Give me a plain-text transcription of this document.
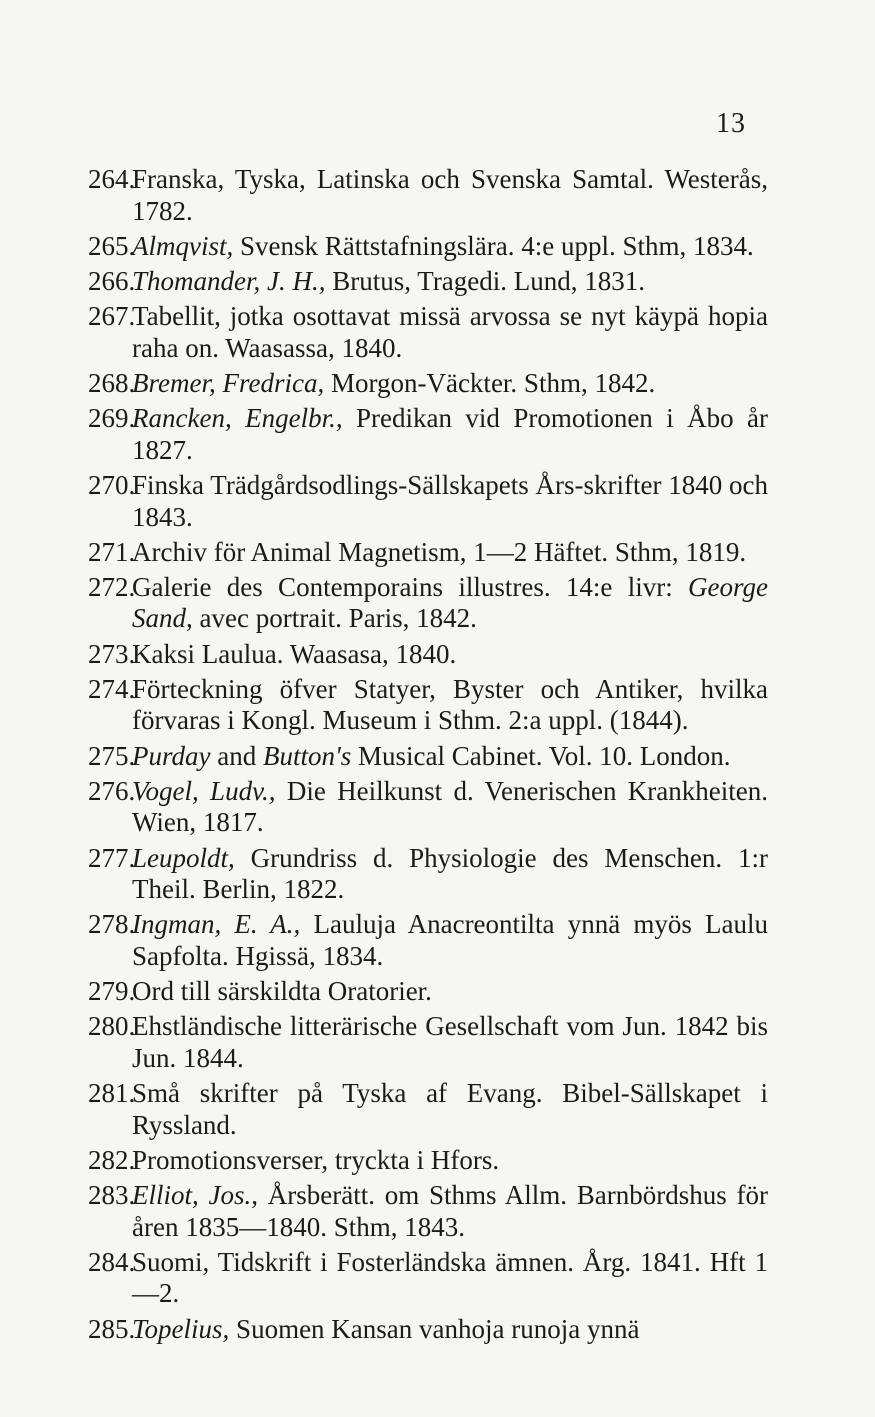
13
264.
Franska, Tyska, Latinska och Svenska Samtal. Westerås, 1782.
265.
Almqvist, Svensk Rättstafningslära. 4:e uppl. Sthm, 1834.
266.
Thomander, J. H., Brutus, Tragedi. Lund, 1831.
267.
Tabellit, jotka osottavat missä arvossa se nyt käypä hopia raha on. Waasassa, 1840.
268.
Bremer, Fredrica, Morgon-Väckter. Sthm, 1842.
269.
Rancken, Engelbr., Predikan vid Promotionen i Åbo år 1827.
270.
Finska Trädgårdsodlings-Sällskapets Års-skrifter 1840 och 1843.
271.
Archiv för Animal Magnetism, 1—2 Häftet. Sthm, 1819.
272.
Galerie des Contemporains illustres. 14:e livr: George Sand, avec portrait. Paris, 1842.
273.
Kaksi Laulua. Waasasa, 1840.
274.
Förteckning öfver Statyer, Byster och Antiker, hvilka förvaras i Kongl. Museum i Sthm. 2:a uppl. (1844).
275.
Purday and Button's Musical Cabinet. Vol. 10. London.
276.
Vogel, Ludv., Die Heilkunst d. Venerischen Krankheiten. Wien, 1817.
277.
Leupoldt, Grundriss d. Physiologie des Menschen. 1:r Theil. Berlin, 1822.
278.
Ingman, E. A., Lauluja Anacreontilta ynnä myös Laulu Sapfolta. Hgissä, 1834.
279.
Ord till särskildta Oratorier.
280.
Ehstländische litterärische Gesellschaft vom Jun. 1842 bis Jun. 1844.
281.
Små skrifter på Tyska af Evang. Bibel-Sällskapet i Ryssland.
282.
Promotionsverser, tryckta i Hfors.
283.
Elliot, Jos., Årsberätt. om Sthms Allm. Barnbördshus för åren 1835—1840. Sthm, 1843.
284.
Suomi, Tidskrift i Fosterländska ämnen. Årg. 1841. Hft 1—2.
285.
Topelius, Suomen Kansan vanhoja runoja ynnä
